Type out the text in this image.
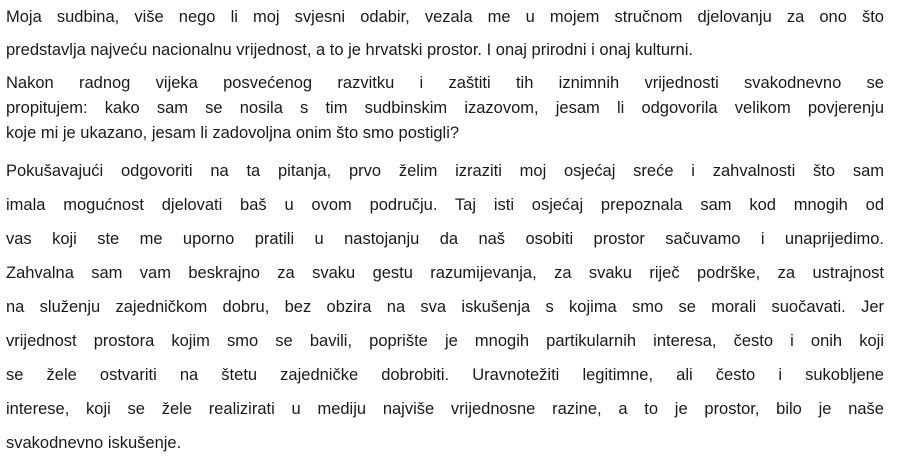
Moja sudbina, više nego li moj svjesni odabir, vezala me u mojem stručnom djelovanju za ono što
predstavlja najveću nacionalnu vrijednost, a to je hrvatski prostor. I onaj prirodni i onaj kulturni.
Nakon radnog vijeka posvećenog razvitku i zaštiti tih iznimnih vrijednosti svakodnevno se
propitujem: kako sam se nosila s tim sudbinskim izazovom, jesam li odgovorila velikom povjerenju
koje mi je ukazano, jesam li zadovoljna onim što smo postigli?
Pokušavajući odgovoriti na ta pitanja, prvo želim izraziti moj osjećaj sreće i zahvalnosti što sam
imala mogućnost djelovati baš u ovom području. Taj isti osjećaj prepoznala sam kod mnogih od
vas koji ste me uporno pratili u nastojanju da naš osobiti prostor sačuvamo i unaprijedimo.
Zahvalna sam vam beskrajno za svaku gestu razumijevanja, za svaku riječ podrške, za ustrajnost
na služenju zajedničkom dobru, bez obzira na sva iskušenja s kojima smo se morali suočavati. Jer
vrijednost prostora kojim smo se bavili, poprište je mnogih partikularnih interesa, često i onih koji
se žele ostvariti na štetu zajedničke dobrobiti. Uravnotežiti legitimne, ali često i sukobljene
interese, koji se žele realizirati u mediju najviše vrijednosne razine, a to je prostor, bilo je naše
svakodnevno iskušenje.
